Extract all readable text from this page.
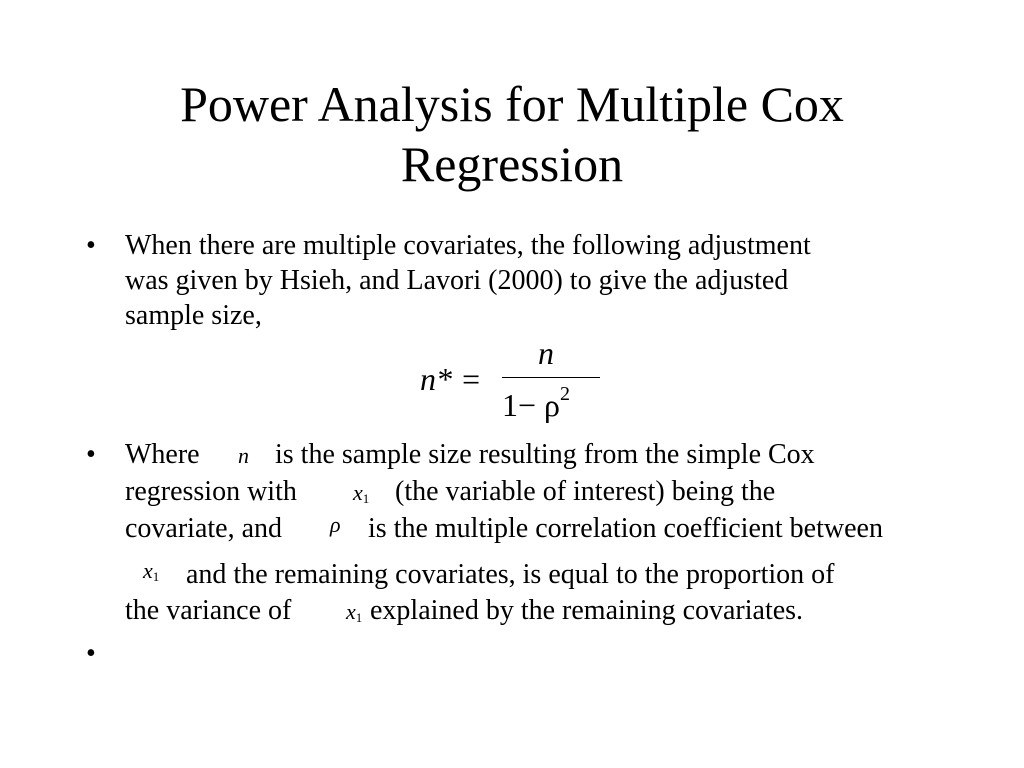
Power Analysis for Multiple Cox
Regression
• When there are multiple covariates, the following adjustment
was given by Hsieh, and Lavori (2000) to give the adjusted
sample size,
n* =
n
$1- \rho^2$
• Where n is the sample size resulting from the simple Cox
regression with	$x_1$ (the variable of interest) being the
covariate, and ρ is the multiple correlation coefficient between
$x_1$ and the remaining covariates, is equal to the proportion of
the variance of $x_1$ explained by the remaining covariates.
•
